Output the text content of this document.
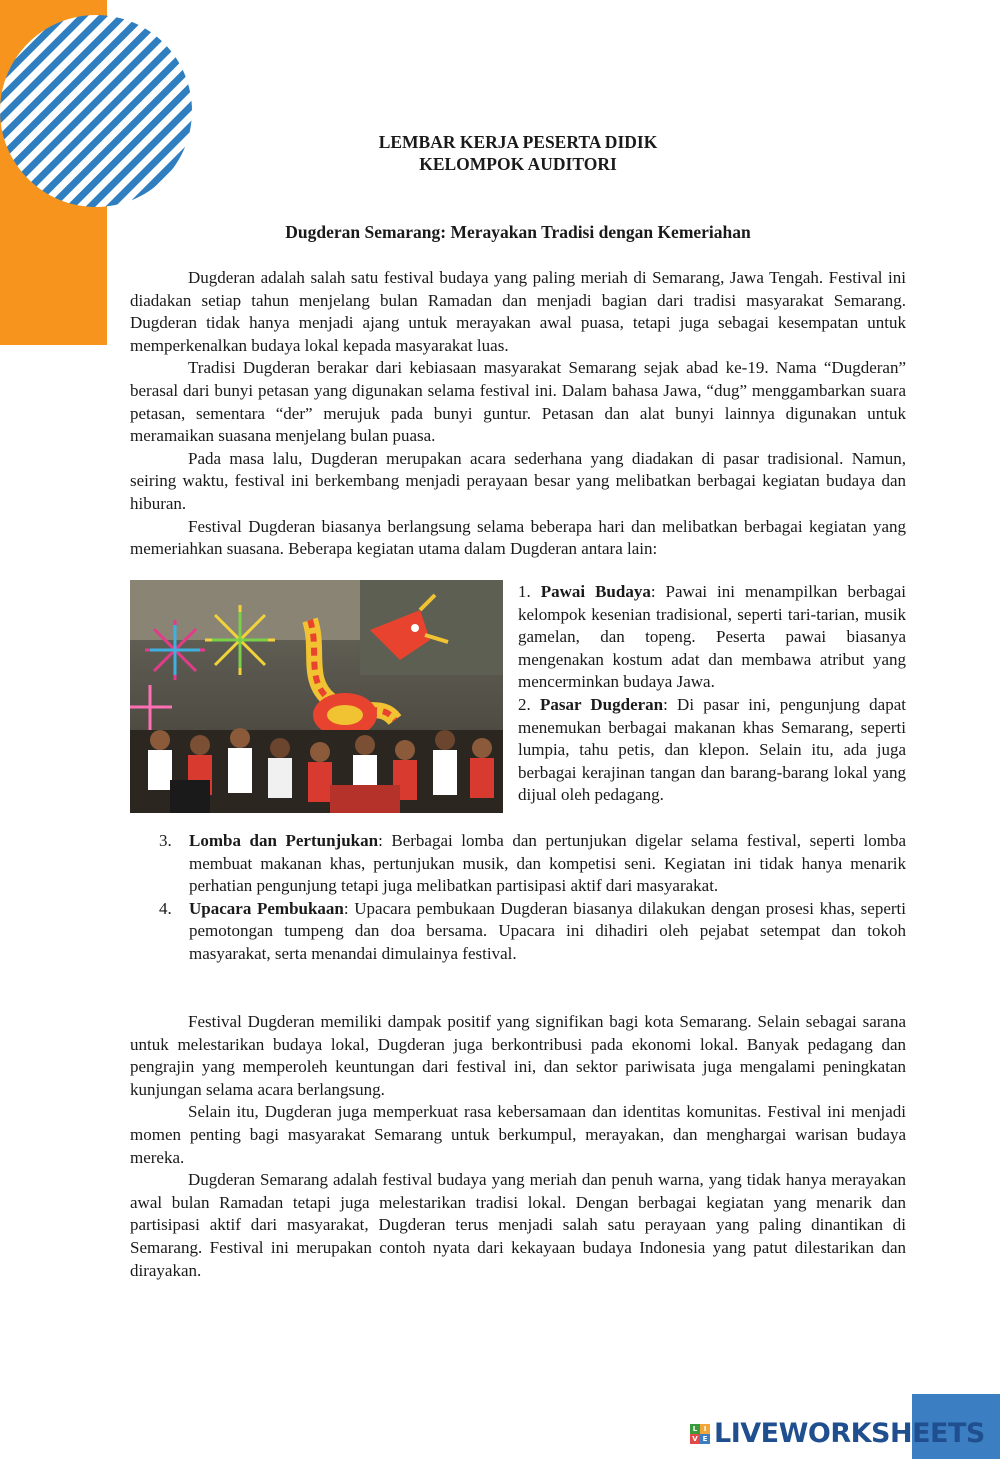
LEMBAR KERJA PESERTA DIDIK
KELOMPOK AUDITORI
Dugderan Semarang: Merayakan Tradisi dengan Kemeriahan

Dugderan adalah salah satu festival budaya yang paling meriah di Semarang, Jawa Tengah. Festival ini diadakan setiap tahun menjelang bulan Ramadan dan menjadi bagian dari tradisi masyarakat Semarang. Dugderan tidak hanya menjadi ajang untuk merayakan awal puasa, tetapi juga sebagai kesempatan untuk memperkenalkan budaya lokal kepada masyarakat luas.

Tradisi Dugderan berakar dari kebiasaan masyarakat Semarang sejak abad ke-19. Nama “Dugderan” berasal dari bunyi petasan yang digunakan selama festival ini. Dalam bahasa Jawa, “dug” menggambarkan suara petasan, sementara “der” merujuk pada bunyi guntur. Petasan dan alat bunyi lainnya digunakan untuk meramaikan suasana menjelang bulan puasa.

Pada masa lalu, Dugderan merupakan acara sederhana yang diadakan di pasar tradisional. Namun, seiring waktu, festival ini berkembang menjadi perayaan besar yang melibatkan berbagai kegiatan budaya dan hiburan.

Festival Dugderan biasanya berlangsung selama beberapa hari dan melibatkan berbagai kegiatan yang memeriahkan suasana. Beberapa kegiatan utama dalam Dugderan antara lain:

1. Pawai Budaya: Pawai ini menampilkan berbagai kelompok kesenian tradisional, seperti tari-tarian, musik gamelan, dan topeng. Peserta pawai biasanya mengenakan kostum adat dan membawa atribut yang mencerminkan budaya Jawa.

2. Pasar Dugderan: Di pasar ini, pengunjung dapat menemukan berbagai makanan khas Semarang, seperti lumpia, tahu petis, dan klepon. Selain itu, ada juga berbagai kerajinan tangan dan barang-barang lokal yang dijual oleh pedagang.

3. Lomba dan Pertunjukan: Berbagai lomba dan pertunjukan digelar selama festival, seperti lomba membuat makanan khas, pertunjukan musik, dan kompetisi seni. Kegiatan ini tidak hanya menarik perhatian pengunjung tetapi juga melibatkan partisipasi aktif dari masyarakat.

4. Upacara Pembukaan: Upacara pembukaan Dugderan biasanya dilakukan dengan prosesi khas, seperti pemotongan tumpeng dan doa bersama. Upacara ini dihadiri oleh pejabat setempat dan tokoh masyarakat, serta menandai dimulainya festival.

Festival Dugderan memiliki dampak positif yang signifikan bagi kota Semarang. Selain sebagai sarana untuk melestarikan budaya lokal, Dugderan juga berkontribusi pada ekonomi lokal. Banyak pedagang dan pengrajin yang memperoleh keuntungan dari festival ini, dan sektor pariwisata juga mengalami peningkatan kunjungan selama acara berlangsung.

Selain itu, Dugderan juga memperkuat rasa kebersamaan dan identitas komunitas. Festival ini menjadi momen penting bagi masyarakat Semarang untuk berkumpul, merayakan, dan menghargai warisan budaya mereka.

Dugderan Semarang adalah festival budaya yang meriah dan penuh warna, yang tidak hanya merayakan awal bulan Ramadan tetapi juga melestarikan tradisi lokal. Dengan berbagai kegiatan yang menarik dan partisipasi aktif dari masyarakat, Dugderan terus menjadi salah satu perayaan yang paling dinantikan di Semarang. Festival ini merupakan contoh nyata dari kekayaan budaya Indonesia yang patut dilestarikan dan dirayakan.

L I
V E LIVEWORKSHEETS
